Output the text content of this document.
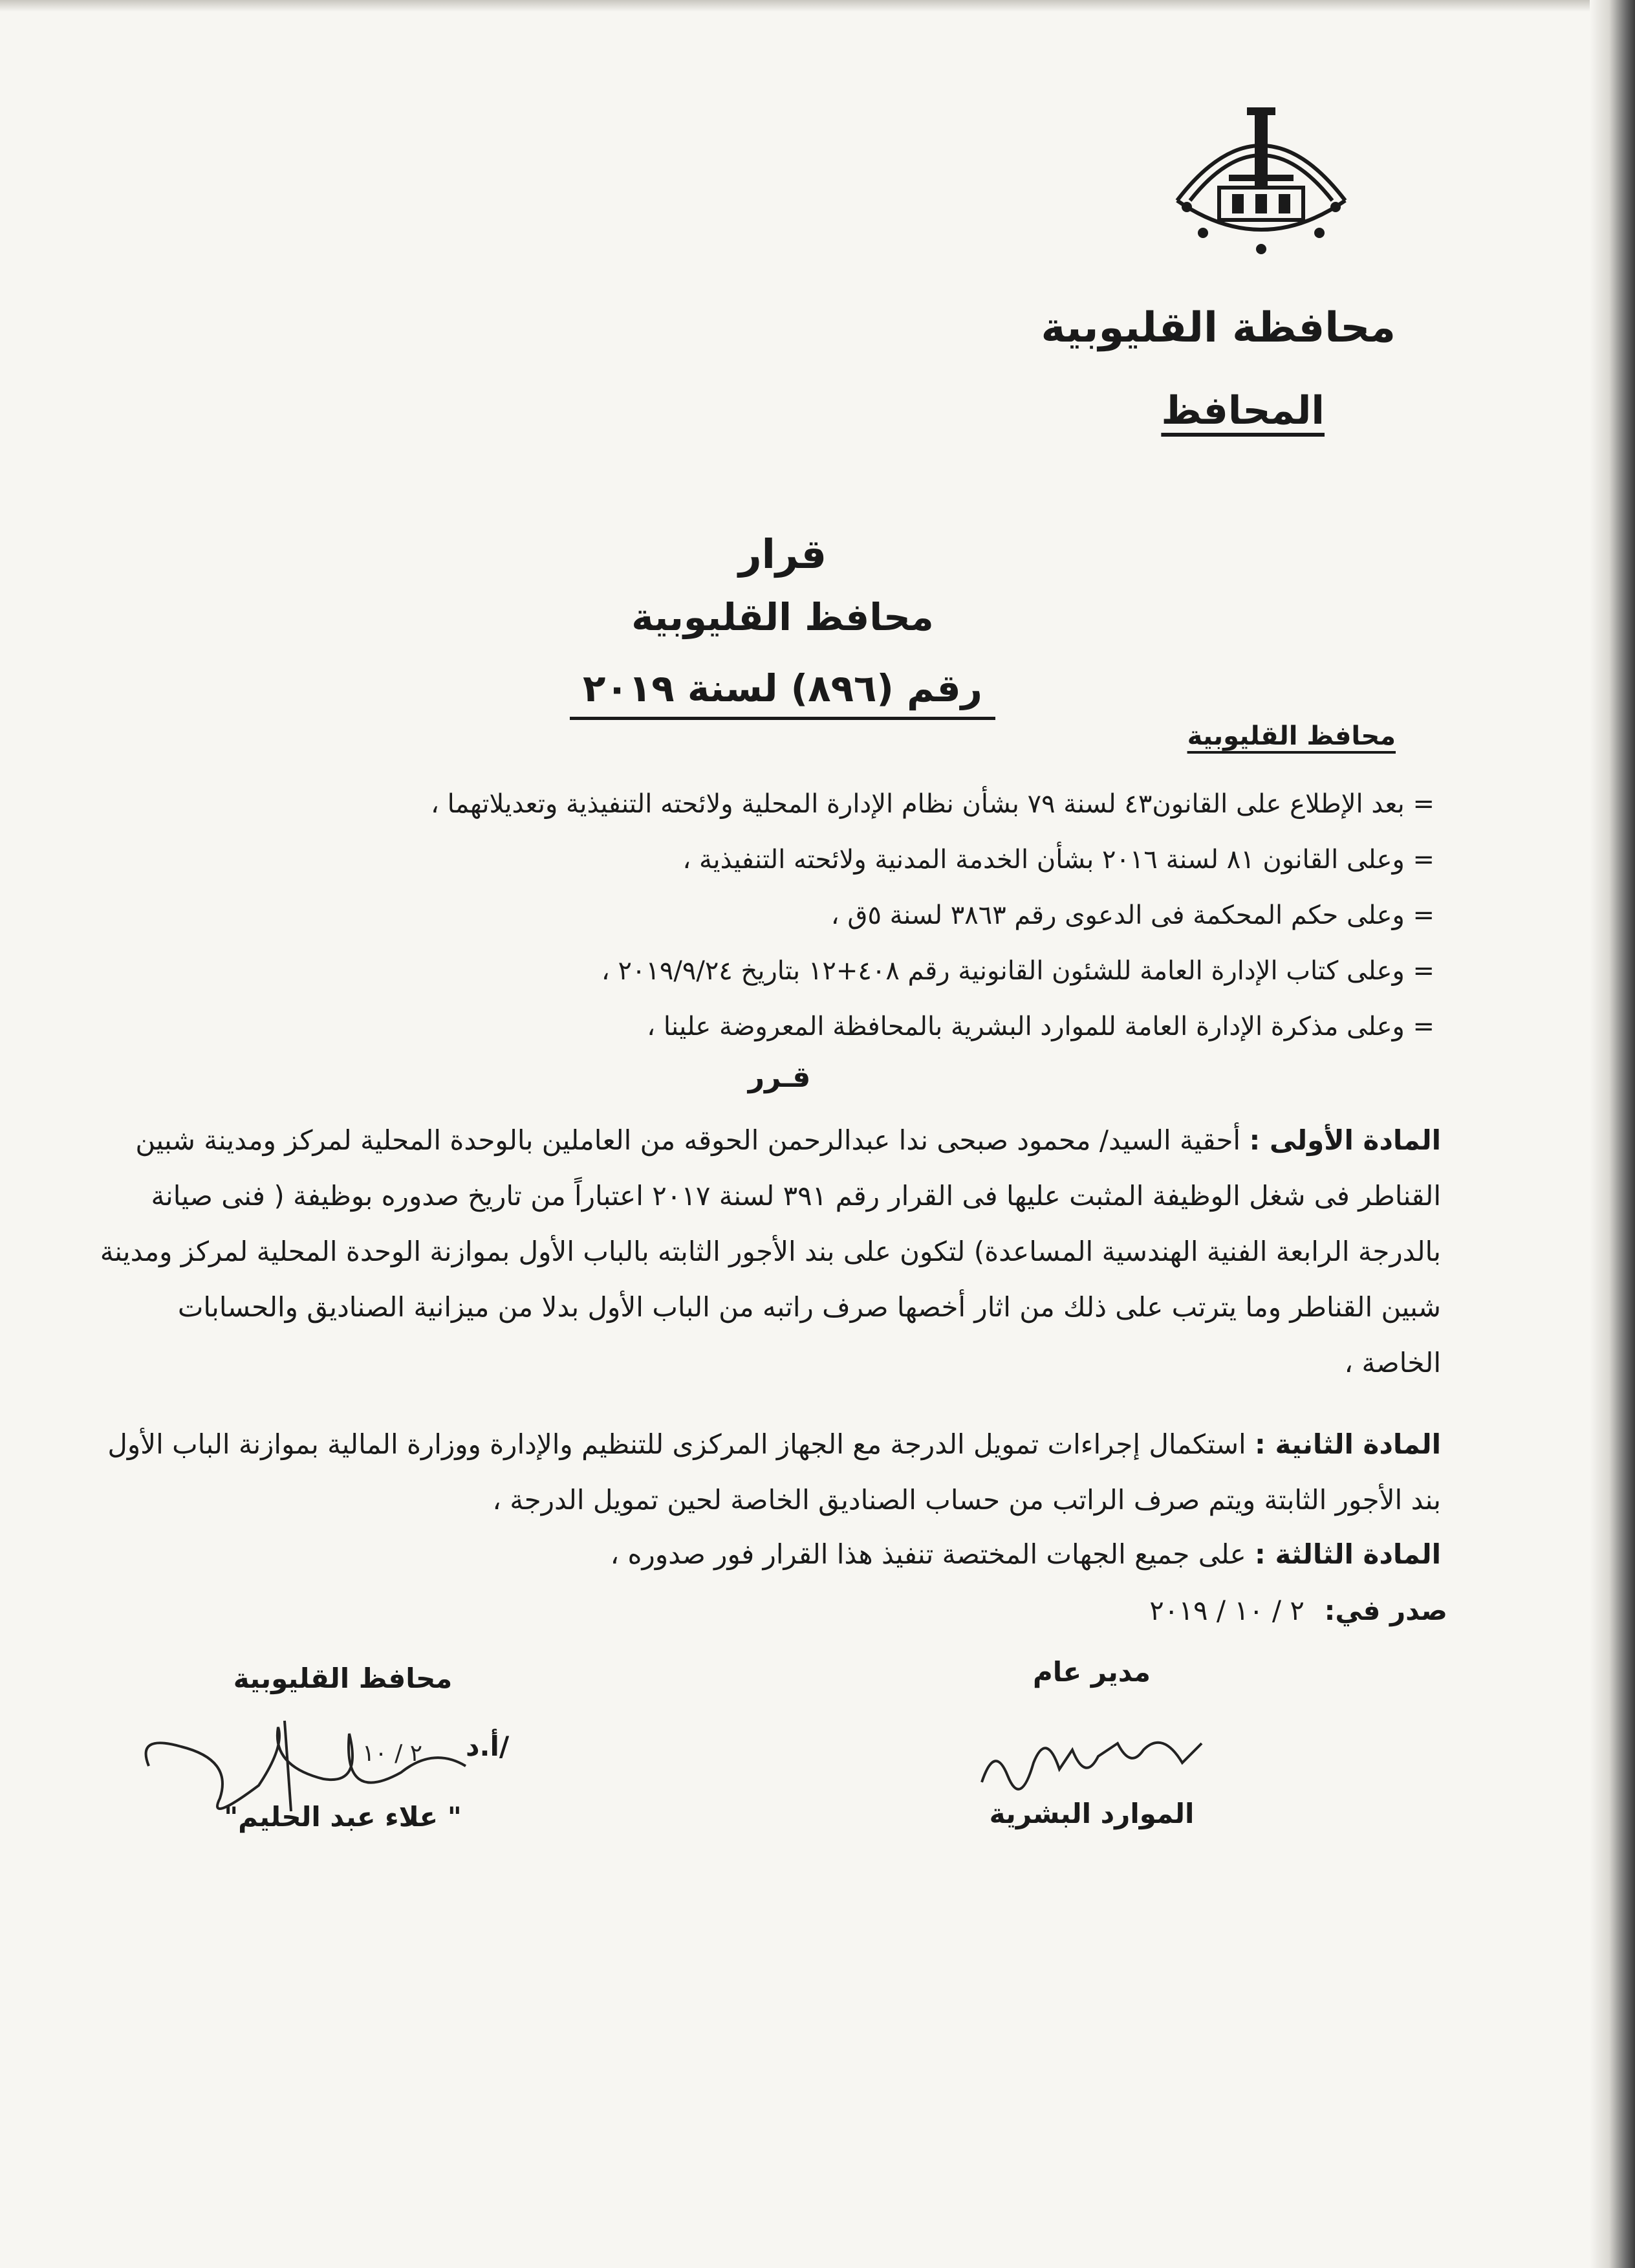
محافظة القليوبية
المحافظ
قرار
محافظ القليوبية
رقم (٨٩٦) لسنة ٢٠١٩
محافظ القليوبية
= بعد الإطلاع على القانون٤٣ لسنة ٧٩ بشأن نظام الإدارة المحلية ولائحته التنفيذية وتعديلاتهما ،
= وعلى القانون ٨١ لسنة ٢٠١٦ بشأن الخدمة المدنية ولائحته التنفيذية ،
= وعلى حكم المحكمة فى الدعوى رقم ٣٨٦٣ لسنة ٥ق ،
= وعلى كتاب الإدارة العامة للشئون القانونية رقم ٤٠٨+١٢ بتاريخ ٢٠١٩/٩/٢٤ ،
= وعلى مذكرة الإدارة العامة للموارد البشرية بالمحافظة المعروضة علينا ،
قـرر
المادة الأولى : أحقية السيد/ محمود صبحى ندا عبدالرحمن الحوقه من العاملين بالوحدة المحلية لمركز ومدينة شبين القناطر فى شغل الوظيفة المثبت عليها فى القرار رقم ٣٩١ لسنة ٢٠١٧ اعتباراً من تاريخ صدوره بوظيفة ( فنى صيانة بالدرجة الرابعة الفنية الهندسية المساعدة) لتكون على بند الأجور الثابته بالباب الأول بموازنة الوحدة المحلية لمركز ومدينة شبين القناطر وما يترتب على ذلك من اثار أخصها صرف راتبه من الباب الأول بدلا من ميزانية الصناديق والحسابات الخاصة ،
المادة الثانية : استكمال إجراءات تمويل الدرجة مع الجهاز المركزى للتنظيم والإدارة ووزارة المالية بموازنة الباب الأول بند الأجور الثابتة ويتم صرف الراتب من حساب الصناديق الخاصة لحين تمويل الدرجة ،
المادة الثالثة : على جميع الجهات المختصة تنفيذ هذا القرار فور صدوره ،
صدر في: ٢ / ١٠ / ٢٠١٩
مدير عام
الموارد البشرية
محافظ القليوبية
" علاء عبد الحليم"
أ.د/
٢ / ١٠
